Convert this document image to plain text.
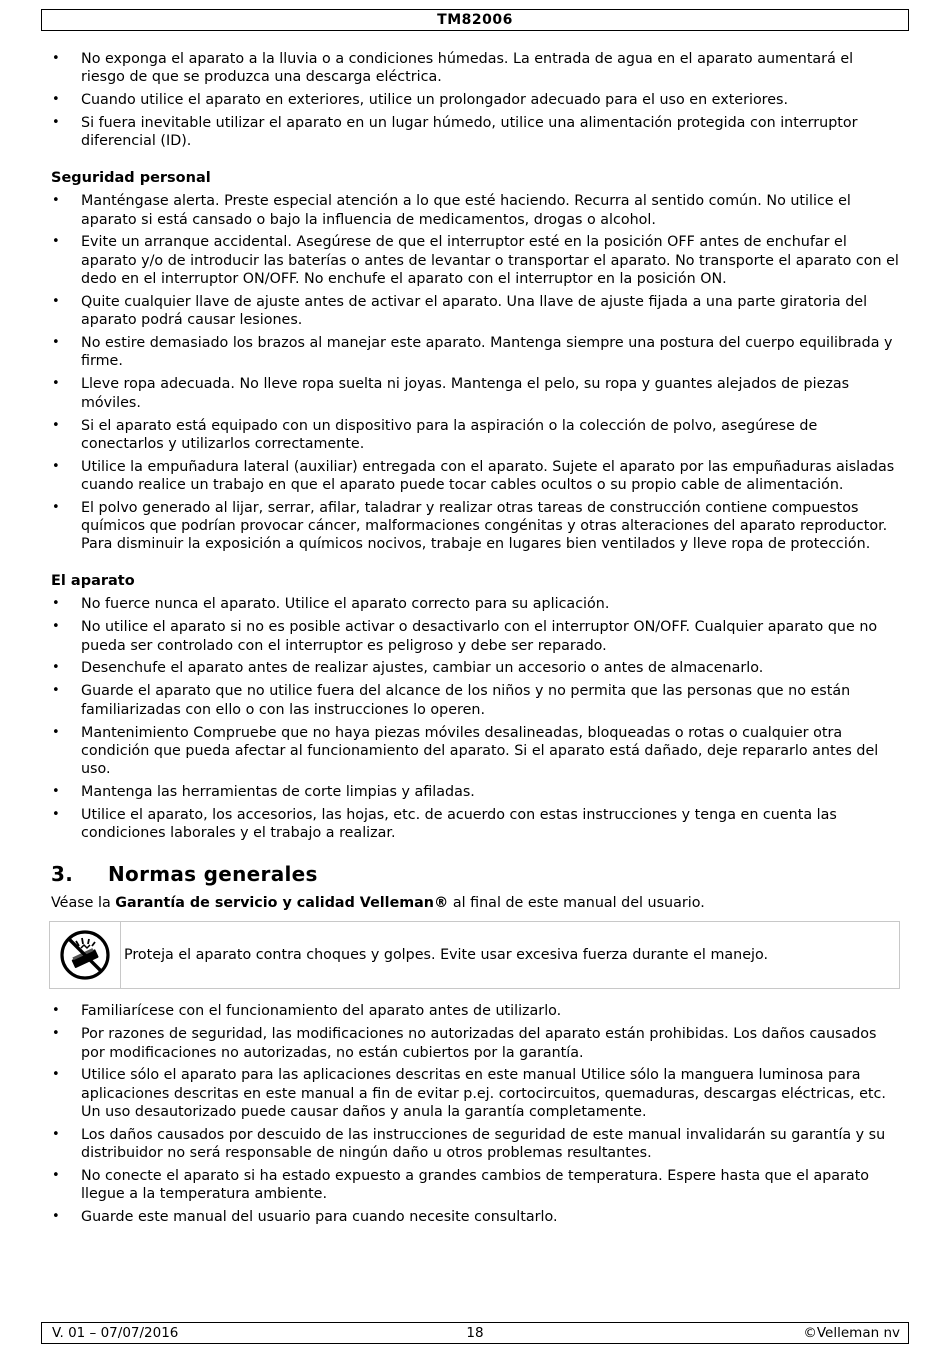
TM82006
• No exponga el aparato a la lluvia o a condiciones húmedas. La entrada de agua en el aparato aumentará el riesgo de que se produzca una descarga eléctrica.
• Cuando utilice el aparato en exteriores, utilice un prolongador adecuado para el uso en exteriores.
• Si fuera inevitable utilizar el aparato en un lugar húmedo, utilice una alimentación protegida con interruptor diferencial (ID).
Seguridad personal
• Manténgase alerta. Preste especial atención a lo que esté haciendo. Recurra al sentido común. No utilice el aparato si está cansado o bajo la influencia de medicamentos, drogas o alcohol.
• Evite un arranque accidental. Asegúrese de que el interruptor esté en la posición OFF antes de enchufar el aparato y/o de introducir las baterías o antes de levantar o transportar el aparato. No transporte el aparato con el dedo en el interruptor ON/OFF. No enchufe el aparato con el interruptor en la posición ON.
• Quite cualquier llave de ajuste antes de activar el aparato. Una llave de ajuste fijada a una parte giratoria del aparato podrá causar lesiones.
• No estire demasiado los brazos al manejar este aparato. Mantenga siempre una postura del cuerpo equilibrada y firme.
• Lleve ropa adecuada. No lleve ropa suelta ni joyas. Mantenga el pelo, su ropa y guantes alejados de piezas móviles.
• Si el aparato está equipado con un dispositivo para la aspiración o la colección de polvo, asegúrese de conectarlos y utilizarlos correctamente.
• Utilice la empuñadura lateral (auxiliar) entregada con el aparato. Sujete el aparato por las empuñaduras aisladas cuando realice un trabajo en que el aparato puede tocar cables ocultos o su propio cable de alimentación.
• El polvo generado al lijar, serrar, afilar, taladrar y realizar otras tareas de construcción contiene compuestos químicos que podrían provocar cáncer, malformaciones congénitas y otras alteraciones del aparato reproductor. Para disminuir la exposición a químicos nocivos, trabaje en lugares bien ventilados y lleve ropa de protección.
El aparato
• No fuerce nunca el aparato. Utilice el aparato correcto para su aplicación.
• No utilice el aparato si no es posible activar o desactivarlo con el interruptor ON/OFF. Cualquier aparato que no pueda ser controlado con el interruptor es peligroso y debe ser reparado.
• Desenchufe el aparato antes de realizar ajustes, cambiar un accesorio o antes de almacenarlo.
• Guarde el aparato que no utilice fuera del alcance de los niños y no permita que las personas que no están familiarizadas con ello o con las instrucciones lo operen.
• Mantenimiento Compruebe que no haya piezas móviles desalineadas, bloqueadas o rotas o cualquier otra condición que pueda afectar al funcionamiento del aparato. Si el aparato está dañado, deje repararlo antes del uso.
• Mantenga las herramientas de corte limpias y afiladas.
• Utilice el aparato, los accesorios, las hojas, etc. de acuerdo con estas instrucciones y tenga en cuenta las condiciones laborales y el trabajo a realizar.
3. Normas generales

Véase la Garantía de servicio y calidad Velleman® al final de este manual del usuario.

Proteja el aparato contra choques y golpes. Evite usar excesiva fuerza durante el manejo.
• Familiarícese con el funcionamiento del aparato antes de utilizarlo.
• Por razones de seguridad, las modificaciones no autorizadas del aparato están prohibidas. Los daños causados por modificaciones no autorizadas, no están cubiertos por la garantía.
• Utilice sólo el aparato para las aplicaciones descritas en este manual Utilice sólo la manguera luminosa para aplicaciones descritas en este manual a fin de evitar p.ej. cortocircuitos, quemaduras, descargas eléctricas, etc. Un uso desautorizado puede causar daños y anula la garantía completamente.
• Los daños causados por descuido de las instrucciones de seguridad de este manual invalidarán su garantía y su distribuidor no será responsable de ningún daño u otros problemas resultantes.
• No conecte el aparato si ha estado expuesto a grandes cambios de temperatura. Espere hasta que el aparato llegue a la temperatura ambiente.
• Guarde este manual del usuario para cuando necesite consultarlo.
V. 01 – 07/07/2016	18	©Velleman nv
